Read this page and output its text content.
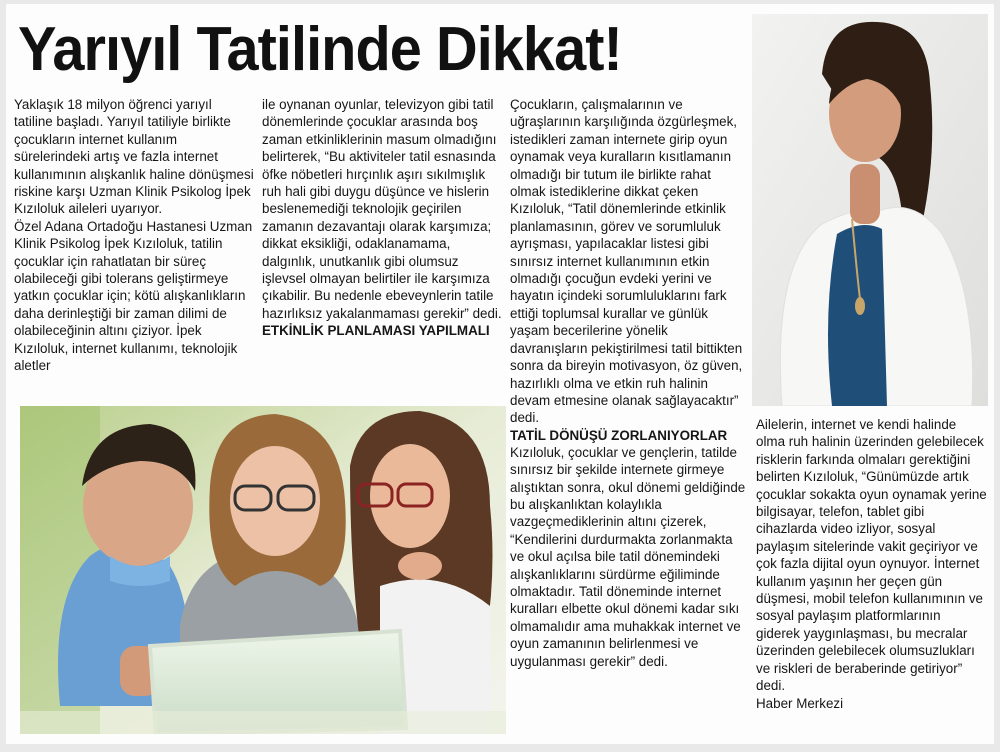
Yarıyıl Tatilinde Dikkat!

Yaklaşık 18 milyon öğrenci yarıyıl tatiline başladı. Yarıyıl tatiliyle birlikte çocukların internet kullanım sürelerindeki artış ve fazla internet kullanımının alışkanlık haline dönüşmesi riskine karşı Uzman Klinik Psikolog İpek Kızıloluk aileleri uyarıyor.

Özel Adana Ortadoğu Hastanesi Uzman Klinik Psikolog İpek Kızıloluk, tatilin çocuklar için rahatlatan bir süreç olabileceği gibi tolerans geliştirmeye yatkın çocuklar için; kötü alışkanlıkların daha derinleştiği bir zaman dilimi de olabileceğinin altını çiziyor. İpek Kızıloluk, internet kullanımı, teknolojik aletler

ile oynanan oyunlar, televizyon gibi tatil dönemlerinde çocuklar arasında boş zaman etkinliklerinin masum olmadığını belirterek, “Bu aktiviteler tatil esnasında öfke nöbetleri hırçınlık aşırı sıkılmışlık ruh hali gibi duygu düşünce ve hislerin beslenemediği teknolojik geçirilen zamanın dezavantajı olarak karşımıza; dikkat eksikliği, odaklanamama, dalgınlık, unutkanlık gibi olumsuz işlevsel olmayan belirtiler ile karşımıza çıkabilir. Bu nedenle ebeveynlerin tatile hazırlıksız yakalanmaması gerekir” dedi.

ETKİNLİK PLANLAMASI YAPILMALI

Çocukların, çalışmalarının ve uğraşlarının karşılığında özgürleşmek, istedikleri zaman internete girip oyun oynamak veya kuralların kısıtlamanın olmadığı bir tutum ile birlikte rahat olmak istediklerine dikkat çeken Kızıloluk, “Tatil dönemlerinde etkinlik planlamasının, görev ve sorumluluk ayrışması, yapılacaklar listesi gibi sınırsız internet kullanımının etkin olmadığı çocuğun evdeki yerini ve hayatın içindeki sorumluluklarını fark ettiği toplumsal kurallar ve günlük yaşam becerilerine yönelik davranışların pekiştirilmesi tatil bittikten sonra da bireyin motivasyon, öz güven, hazırlıklı olma ve etkin ruh halinin devam etmesine olanak sağlayacaktır” dedi.

TATİL DÖNÜŞÜ ZORLANIYORLAR

Kızıloluk, çocuklar ve gençlerin, tatilde sınırsız bir şekilde internete girmeye alıştıktan sonra, okul dönemi geldiğinde bu alışkanlıktan kolaylıkla vazgeçmediklerinin altını çizerek, “Kendilerini durdurmakta zorlanmakta ve okul açılsa bile tatil dönemindeki alışkanlıklarını sürdürme eğiliminde olmaktadır. Tatil döneminde internet kuralları elbette okul dönemi kadar sıkı olmamalıdır ama muhakkak internet ve oyun zamanının belirlenmesi ve uygulanması gerekir” dedi.

Ailelerin, internet ve kendi halinde olma ruh halinin üzerinden gelebilecek risklerin farkında olmaları gerektiğini belirten Kızıloluk, “Günümüzde artık çocuklar sokakta oyun oynamak yerine bilgisayar, telefon, tablet gibi cihazlarda video izliyor, sosyal paylaşım sitelerinde vakit geçiriyor ve çok fazla dijital oyun oynuyor. İnternet kullanım yaşının her geçen gün düşmesi, mobil telefon kullanımının ve sosyal paylaşım platformlarının giderek yaygınlaşması, bu mecralar üzerinden gelebilecek olumsuzlukları ve riskleri de beraberinde getiriyor” dedi.

Haber Merkezi
